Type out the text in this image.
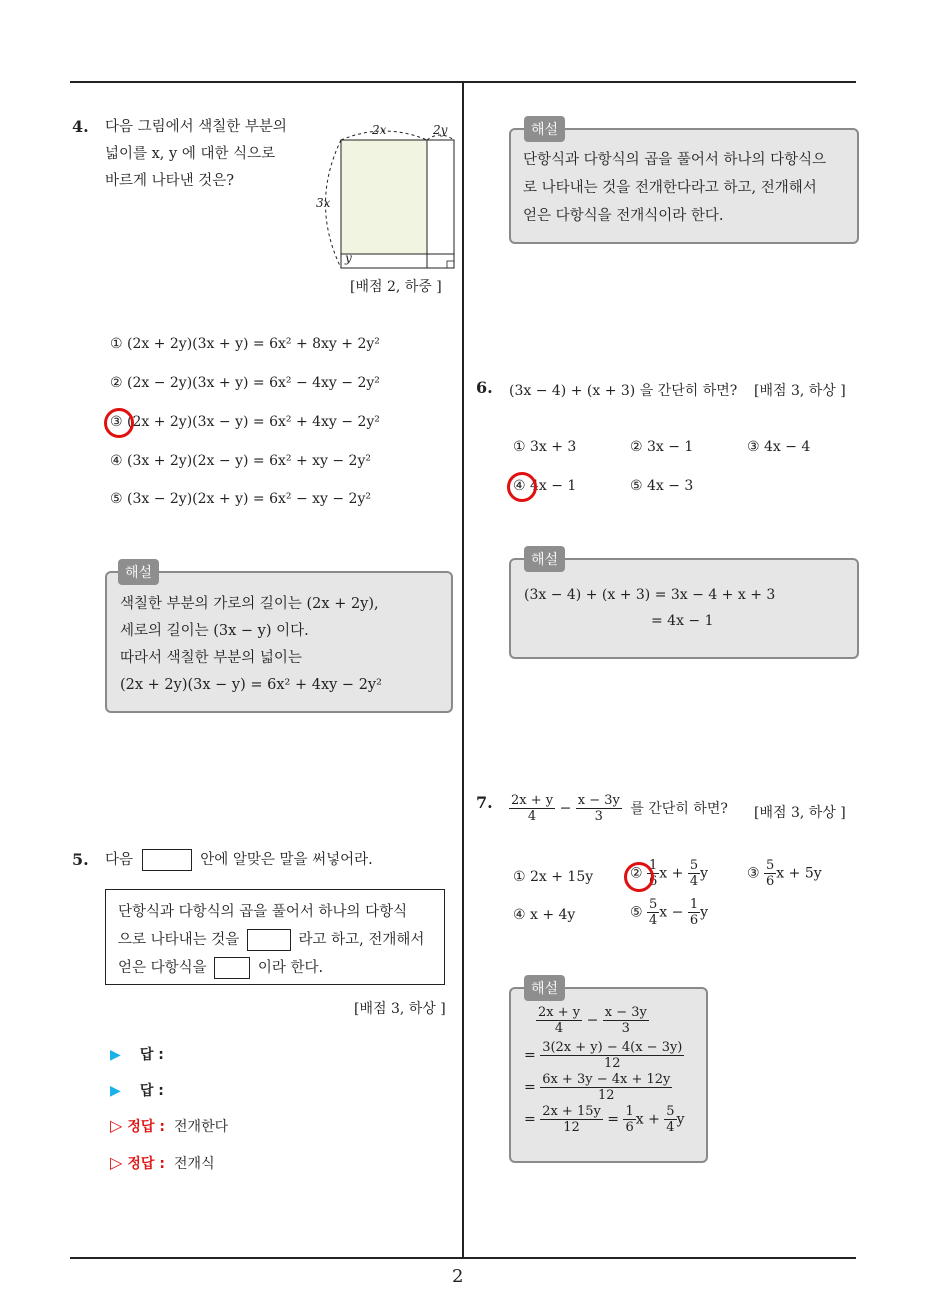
2
4. 다음 그림에서 색칠한 부분의
넓이를 x, y 에 대한 식으로
바르게 나타낸 것은?
2x	2y
3x
y
[배점 2, 하중 ]
① (2x + 2y)(3x + y) = 6x² + 8xy + 2y²
② (2x − 2y)(3x + y) = 6x² − 4xy − 2y²
③ (2x + 2y)(3x − y) = 6x² + 4xy − 2y²
④ (3x + 2y)(2x − y) = 6x² + xy − 2y²
⑤ (3x − 2y)(2x + y) = 6x² − xy − 2y²
해설
색칠한 부분의 가로의 길이는 (2x + 2y),
세로의 길이는 (3x − y) 이다.
따라서 색칠한 부분의 넓이는
(2x + 2y)(3x − y) = 6x² + 4xy − 2y²
5. 다음	안에 알맞은 말을 써넣어라.
단항식과 다항식의 곱을 풀어서 하나의 다항식
으로 나타내는 것을	라고 하고, 전개해서
얻은 다항식을	이라 한다.
[배점 3, 하상 ]
▶ 답 :
▶ 답 :
▷ 정답 : 전개한다
▷ 정답 : 전개식
해설
단항식과 다항식의 곱을 풀어서 하나의 다항식으
로 나타내는 것을 전개한다라고 하고, 전개해서
얻은 다항식을 전개식이라 한다.
6. (3x − 4) + (x + 3) 을 간단히 하면? [배점 3, 하상 ]
① 3x + 3	② 3x − 1	③ 4x − 4
④ 4x − 1	⑤ 4x − 3
해설
(3x − 4) + (x + 3) = 3x − 4 + x + 3
= 4x − 1
7. $\frac{2x + y}{4} - \frac{x - 3y}{3}$ 를 간단히 하면? [배점 3, 하상 ]
① 2x + 15y	② $\frac{1}{6}$ $x + \frac{5}{4}$ y	③ $\frac{5}{6}$ x + 5y
④ x + 4y	⑤ $\frac{5}{4}$ $x - \frac{1}{6}$ y
해설
$\frac{2x + y}{4} - \frac{x - 3y}{3}$
= $\frac{3(2x + y) - 4(x - 3y)}{12}$
= $\frac{6x + 3y - 4x + 12y}{12}$
= $\frac{2x + 15y}{12} = \frac{1}{6}$ $x + \frac{5}{4}$ y
